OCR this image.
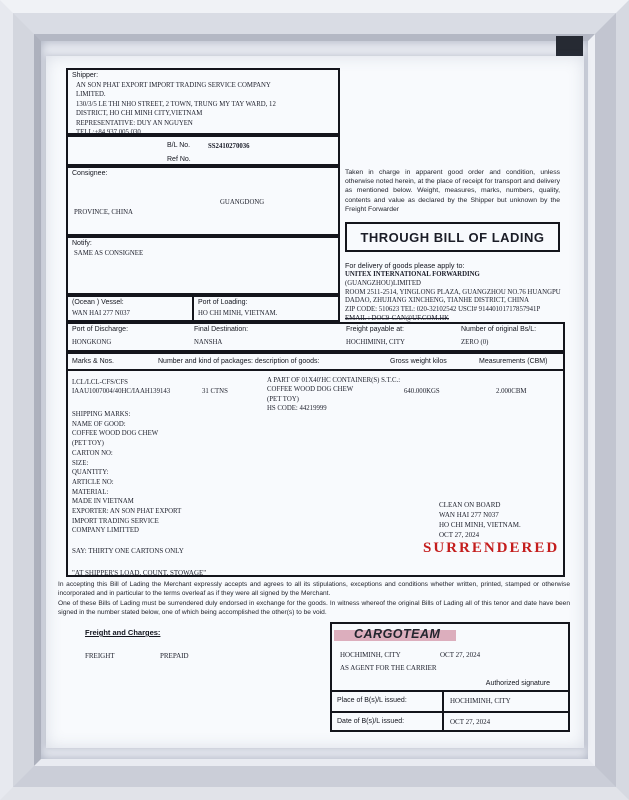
Shipper:
AN SON PHAT EXPORT IMPORT TRADING SERVICE COMPANY
LIMITED.
130/3/5 LE THI NHO STREET, 2 TOWN, TRUNG MY TAY WARD, 12
DISTRICT, HO CHI MINH CITY,VIETNAM
REPRESENTATIVE: DUY AN NGUYEN
TELL:+84 937 005 030
B/L No.	SS2410270036
Ref No.
Consignee:
GUANGDONG
PROVINCE, CHINA
Notify:
SAME AS CONSIGNEE
(Ocean ) Vessel:
WAN HAI 277 N037
Port of Loading:
HO CHI MINH, VIETNAM.
Port of Discharge:
HONGKONG
Final Destination:
NANSHA
Freight payable at:
HOCHIMINH, CITY
Number of original Bs/L:
ZERO (0)
Taken in charge in apparent good order and condition, unless otherwise noted herein, at the place of receipt for transport and delivery as mentioned below. Weight, measures, marks, numbers, quality, contents and value as declared by the Shipper but unknown by the Freight Forwarder
THROUGH BILL OF LADING
For delivery of goods please apply to:
UNITEX INTERNATIONAL FORWARDING
(GUANGZHOU)LIMITED
ROOM 2511-2514, YINGLONG PLAZA, GUANGZHOU NO.76 HUANGPU
DADAO, ZHUJIANG XINCHENG, TIANHE DISTRICT, CHINA
ZIP CODE: 510623 TEL: 020-32102542 USCI# 91440101717857941P
EMAIL : DOC9-CAN@UF.COM.HK
Marks & Nos.	Number and kind of packages: description of goods:	Gross weight kilos	Measurements (CBM)
LCL/LCL-CFS/CFS
IAAU1007004/40HC/IAAH139143	31 CTNS
A PART OF 01X40'HC CONTAINER(S) S.T.C.:
COFFEE WOOD DOG CHEW
(PET TOY)
HS CODE: 44219999
640.000KGS	2.000CBM
SHIPPING MARKS:
NAME OF GOOD:
COFFEE WOOD DOG CHEW
(PET TOY)
CARTON NO:
SIZE:
QUANTITY:
ARTICLE NO:
MATERIAL:
MADE IN VIETNAM
EXPORTER: AN SON PHAT EXPORT
IMPORT TRADING SERVICE
COMPANY LIMITTED
CLEAN ON BOARD
WAN HAI 277 N037
HO CHI MINH, VIETNAM.
OCT 27, 2024
SURRENDERED
SAY: THIRTY ONE CARTONS ONLY
"AT SHIPPER'S LOAD, COUNT, STOWAGE"
In accepting this Bill of Lading the Merchant expressly accepts and agrees to all its stipulations, exceptions and conditions whether written, printed, stamped or otherwise incorporated and in particular to the terms overleaf as if they were all signed by the Merchant.
One of these Bills of Lading must be surrendered duly endorsed in exchange for the goods. In witness whereof the original Bills of Lading all of this tenor and date have been signed in the number stated below, one of which being accomplished the other(s) to be void.
Freight and Charges:
FREIGHT	PREPAID
CARGOTEAM
HOCHIMINH, CITY	OCT 27, 2024
AS AGENT FOR THE CARRIER
Authorized signature
Place of B(s)/L issued:	HOCHIMINH, CITY
Date of B(s)/L issued:	OCT 27, 2024
